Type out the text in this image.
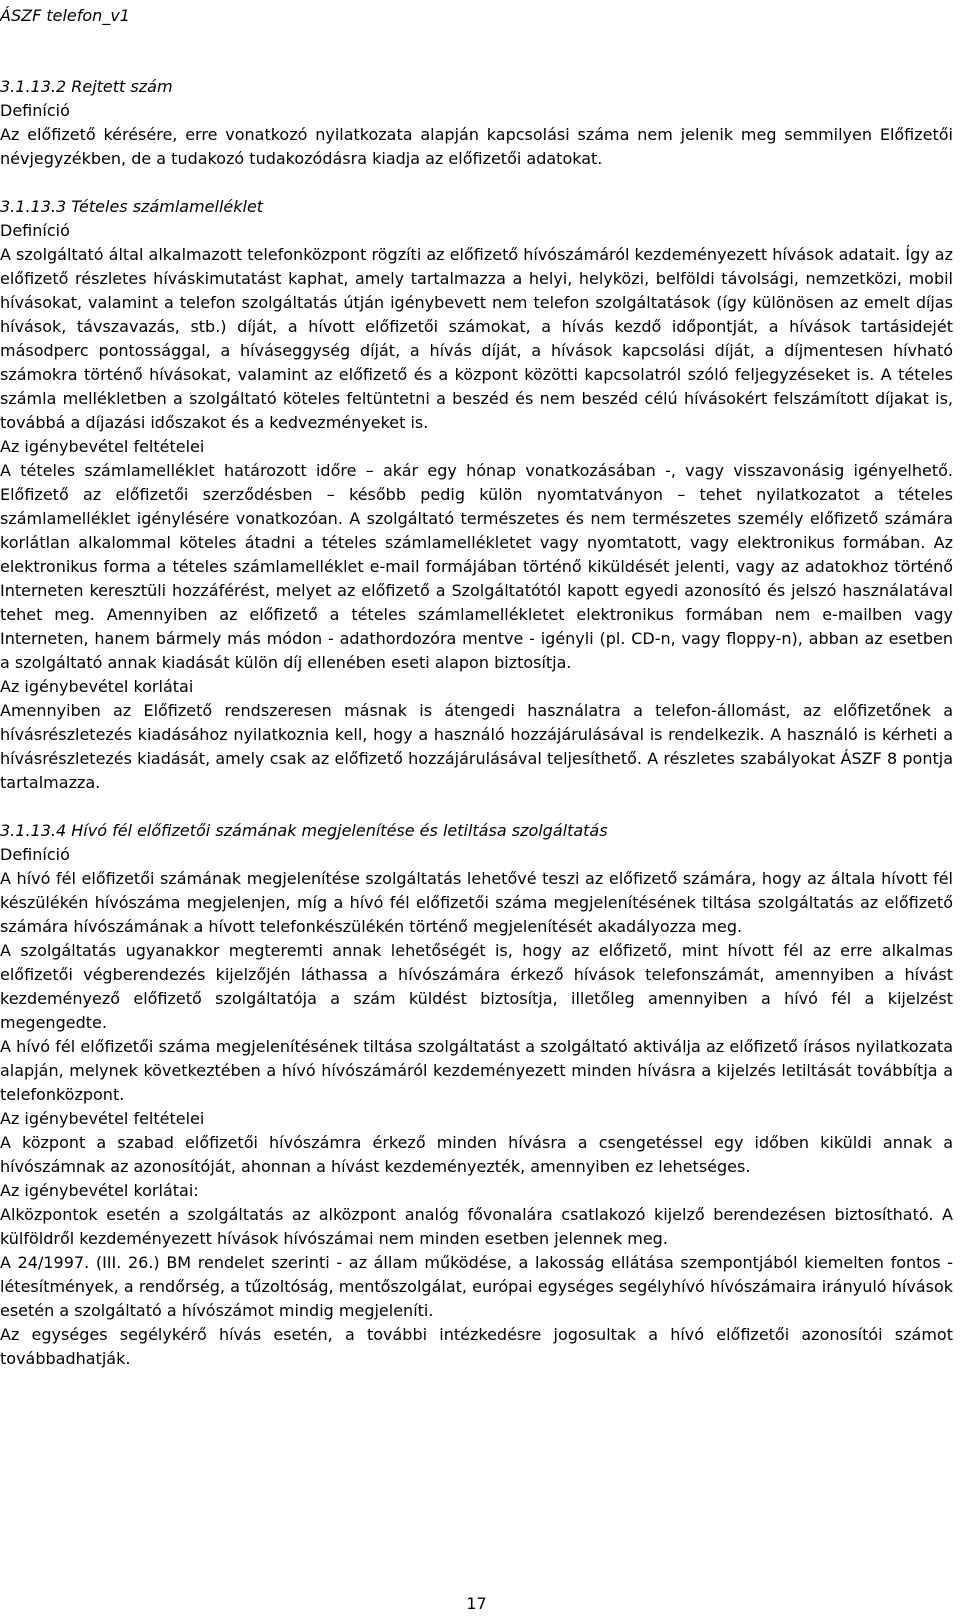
ÁSZF telefon_v1

3.1.13.2 Rejtett szám

Definíció

Az előfizető kérésére, erre vonatkozó nyilatkozata alapján kapcsolási száma nem jelenik meg semmilyen Előfizetői névjegyzékben, de a tudakozó tudakozódásra kiadja az előfizetői adatokat.

3.1.13.3 Tételes számlamelléklet

Definíció

A szolgáltató által alkalmazott telefonközpont rögzíti az előfizető hívószámáról kezdeményezett hívások adatait. Így az előfizető részletes híváskimutatást kaphat, amely tartalmazza a helyi, helyközi, belföldi távolsági, nemzetközi, mobil hívásokat, valamint a telefon szolgáltatás útján igénybevett nem telefon szolgáltatások (így különösen az emelt díjas hívások, távszavazás, stb.) díját, a hívott előfizetői számokat, a hívás kezdő időpontját, a hívások tartásidejét másodperc pontossággal, a híváseggység díját, a hívás díját, a hívások kapcsolási díját, a díjmentesen hívható számokra történő hívásokat, valamint az előfizető és a központ közötti kapcsolatról szóló feljegyzéseket is. A tételes számla mellékletben a szolgáltató köteles feltüntetni a beszéd és nem beszéd célú hívásokért felszámított díjakat is, továbbá a díjazási időszakot és a kedvezményeket is.

Az igénybevétel feltételei

A tételes számlamelléklet határozott időre – akár egy hónap vonatkozásában -, vagy visszavonásig igényelhető. Előfizető az előfizetői szerződésben – később pedig külön nyomtatványon – tehet nyilatkozatot a tételes számlamelléklet igénylésére vonatkozóan. A szolgáltató természetes és nem természetes személy előfizető számára korlátlan alkalommal köteles átadni a tételes számlamellékletet vagy nyomtatott, vagy elektronikus formában. Az elektronikus forma a tételes számlamelléklet e-mail formájában történő kiküldését jelenti, vagy az adatokhoz történő Interneten keresztüli hozzáférést, melyet az előfizető a Szolgáltatótól kapott egyedi azonosító és jelszó használatával tehet meg. Amennyiben az előfizető a tételes számlamellékletet elektronikus formában nem e-mailben vagy Interneten, hanem bármely más módon - adathordozóra mentve - igényli (pl. CD-n, vagy floppy-n), abban az esetben a szolgáltató annak kiadását külön díj ellenében eseti alapon biztosítja.

Az igénybevétel korlátai

Amennyiben az Előfizető rendszeresen másnak is átengedi használatra a telefon-állomást, az előfizetőnek a hívásrészletezés kiadásához nyilatkoznia kell, hogy a használó hozzájárulásával is rendelkezik. A használó is kérheti a hívásrészletezés kiadását, amely csak az előfizető hozzájárulásával teljesíthető. A részletes szabályokat ÁSZF 8 pontja tartalmazza.

3.1.13.4 Hívó fél előfizetői számának megjelenítése és letiltása szolgáltatás

Definíció

A hívó fél előfizetői számának megjelenítése szolgáltatás lehetővé teszi az előfizető számára, hogy az általa hívott fél készülékén hívószáma megjelenjen, míg a hívó fél előfizetői száma megjelenítésének tiltása szolgáltatás az előfizető számára hívószámának a hívott telefonkészülékén történő megjelenítését akadályozza meg.

A szolgáltatás ugyanakkor megteremti annak lehetőségét is, hogy az előfizető, mint hívott fél az erre alkalmas előfizetői végberendezés kijelzőjén láthassa a hívószámára érkező hívások telefonszámát, amennyiben a hívást kezdeményező előfizető szolgáltatója a szám küldést biztosítja, illetőleg amennyiben a hívó fél a kijelzést megengedte.

A hívó fél előfizetői száma megjelenítésének tiltása szolgáltatást a szolgáltató aktiválja az előfizető írásos nyilatkozata alapján, melynek következtében a hívó hívószámáról kezdeményezett minden hívásra a kijelzés letiltását továbbítja a telefonközpont.

Az igénybevétel feltételei

A központ a szabad előfizetői hívószámra érkező minden hívásra a csengetéssel egy időben kiküldi annak a hívószámnak az azonosítóját, ahonnan a hívást kezdeményezték, amennyiben ez lehetséges.

Az igénybevétel korlátai:

Alközpontok esetén a szolgáltatás az alközpont analóg fővonalára csatlakozó kijelző berendezésen biztosítható. A külföldről kezdeményezett hívások hívószámai nem minden esetben jelennek meg.

A 24/1997. (III. 26.) BM rendelet szerinti - az állam működése, a lakosság ellátása szempontjából kiemelten fontos - létesítmények, a rendőrség, a tűzoltóság, mentőszolgálat, európai egységes segélyhívó hívószámaira irányuló hívások esetén a szolgáltató a hívószámot mindig megjeleníti.

Az egységes segélykérő hívás esetén, a további intézkedésre jogosultak a hívó előfizetői azonosítói számot továbbadhatják.

17
